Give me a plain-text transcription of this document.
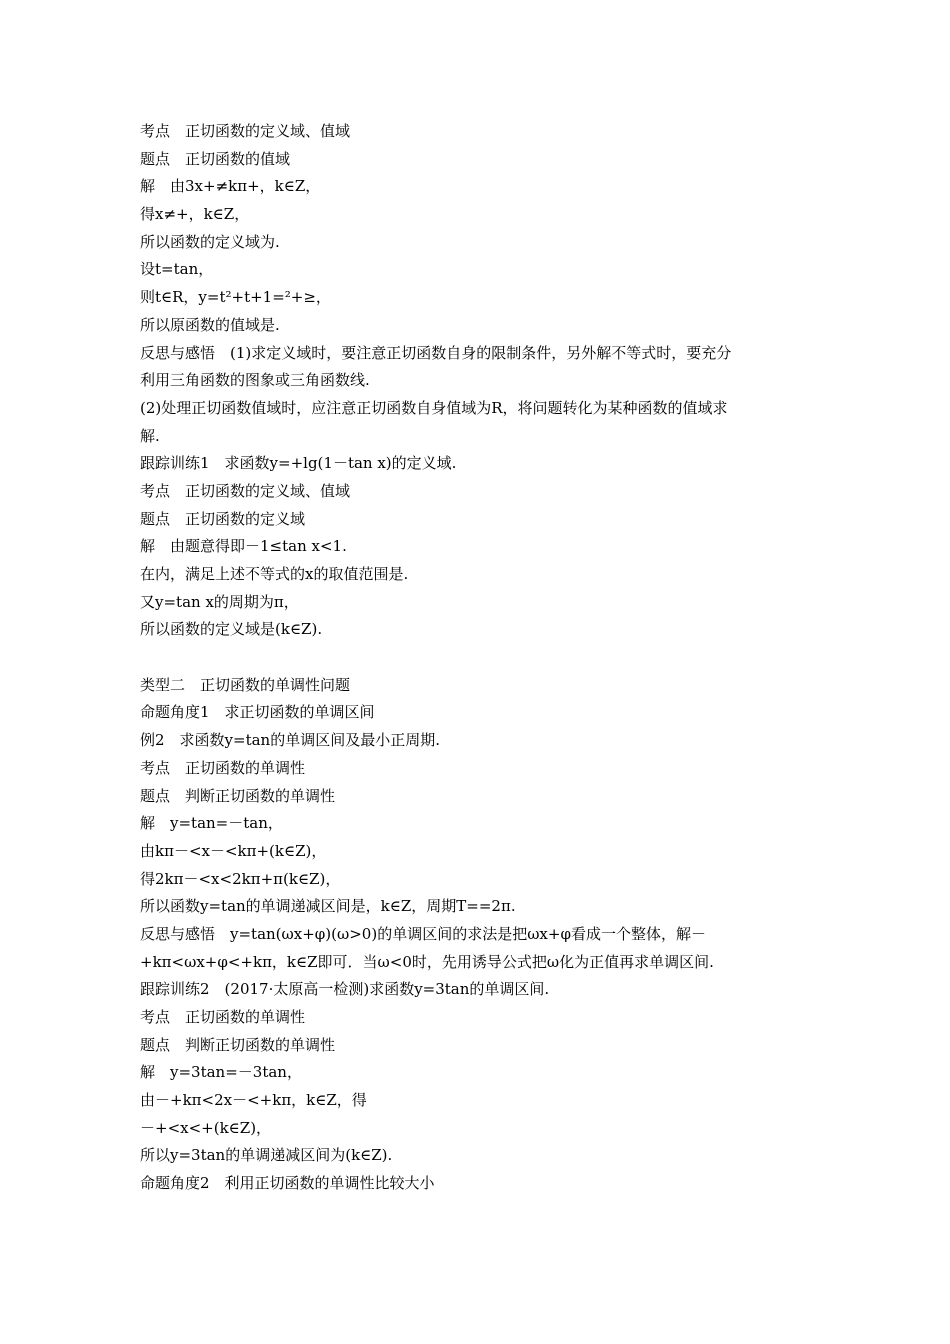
考点　正切函数的定义域、值域
题点　正切函数的值域
解　由3x+≠kπ+，k∈Z，
得x≠+，k∈Z，
所以函数的定义域为.
设t=tan，
则t∈R，y=t²+t+1=²+≥，
所以原函数的值域是.
反思与感悟　(1)求定义域时，要注意正切函数自身的限制条件，另外解不等式时，要充分
利用三角函数的图象或三角函数线.
(2)处理正切函数值域时，应注意正切函数自身值域为R，将问题转化为某种函数的值域求
解.
跟踪训练1　求函数y=+lg(1－tan x)的定义域.
考点　正切函数的定义域、值域
题点　正切函数的定义域
解　由题意得即－1≤tan x<1.
在内，满足上述不等式的x的取值范围是.
又y=tan x的周期为π，
所以函数的定义域是(k∈Z).
类型二　正切函数的单调性问题
命题角度1　求正切函数的单调区间
例2　求函数y=tan的单调区间及最小正周期.
考点　正切函数的单调性
题点　判断正切函数的单调性
解　y=tan=－tan，
由kπ－<x－<kπ+(k∈Z)，
得2kπ－<x<2kπ+π(k∈Z)，
所以函数y=tan的单调递减区间是，k∈Z，周期T==2π.
反思与感悟　y=tan(ωx+φ)(ω>0)的单调区间的求法是把ωx+φ看成一个整体，解－
+kπ<ωx+φ<+kπ，k∈Z即可．当ω<0时，先用诱导公式把ω化为正值再求单调区间.
跟踪训练2　(2017·太原高一检测)求函数y=3tan的单调区间.
考点　正切函数的单调性
题点　判断正切函数的单调性
解　y=3tan=－3tan，
由－+kπ<2x－<+kπ，k∈Z，得
－+<x<+(k∈Z)，
所以y=3tan的单调递减区间为(k∈Z).
命题角度2　利用正切函数的单调性比较大小
